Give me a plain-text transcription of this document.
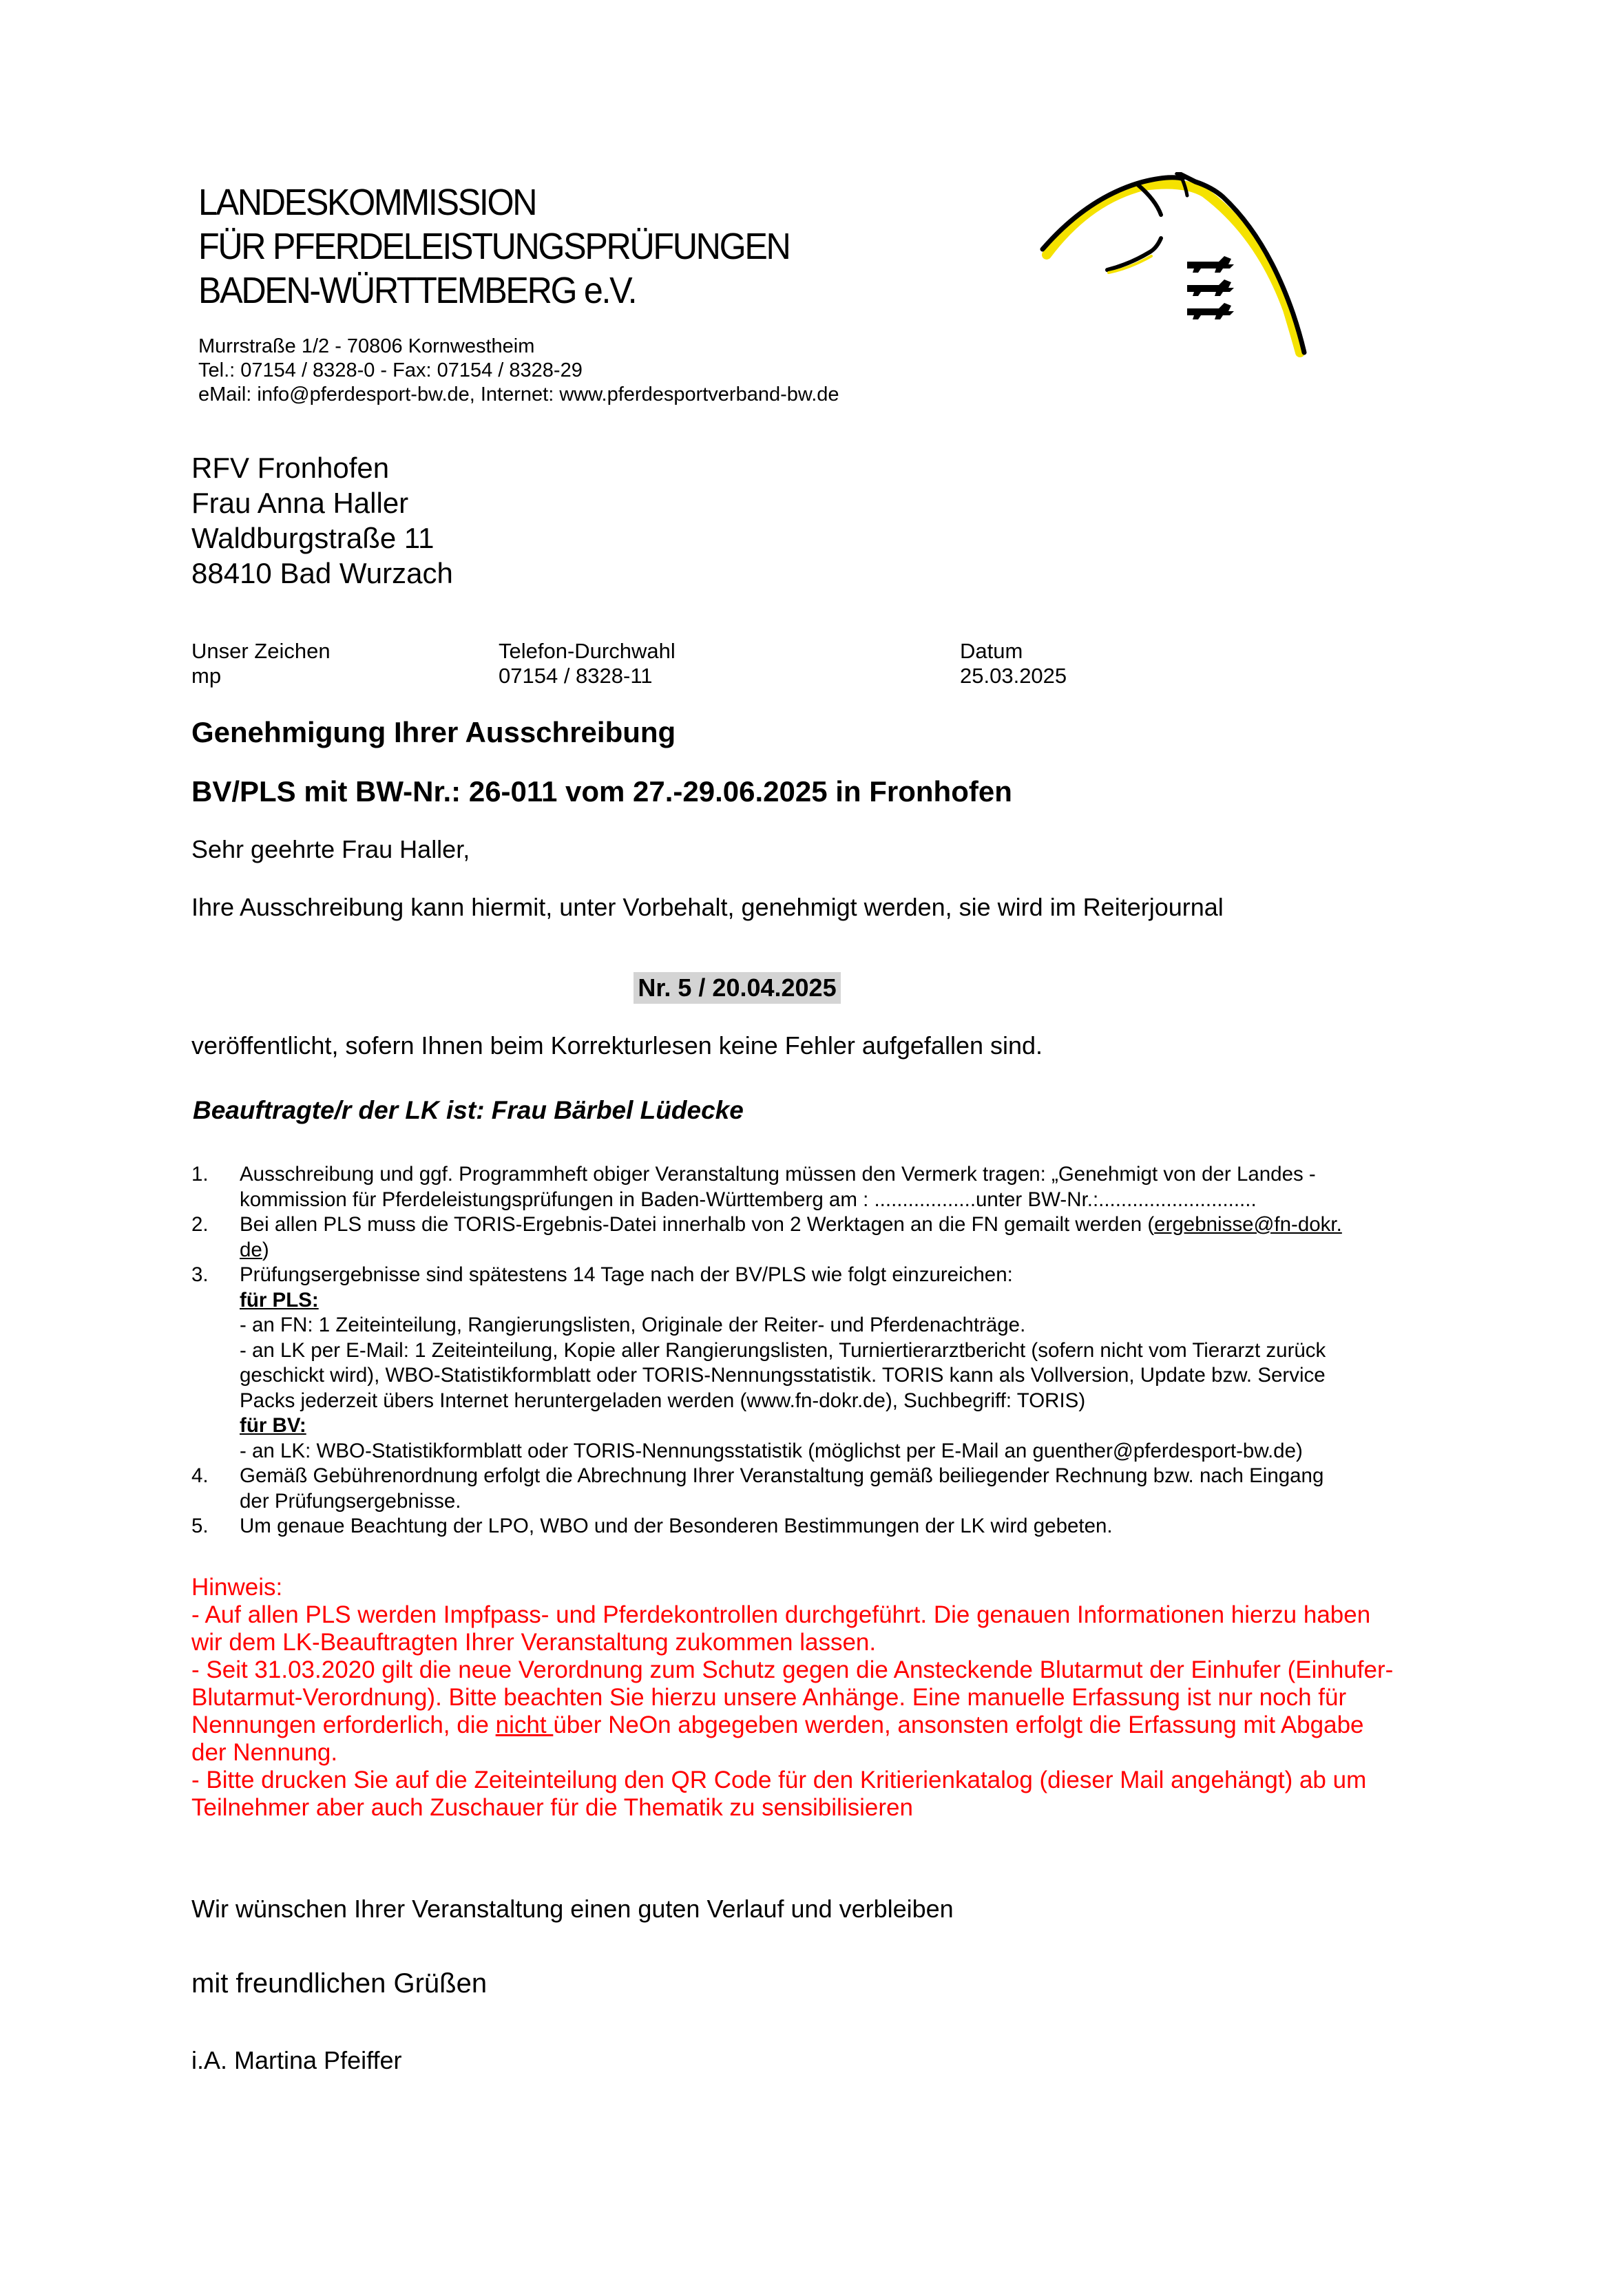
LANDESKOMMISSION
FÜR PFERDELEISTUNGSPRÜFUNGEN
BADEN-WÜRTTEMBERG e.V.
Murrstraße 1/2 - 70806 Kornwestheim
Tel.: 07154 / 8328-0 - Fax: 07154 / 8328-29
eMail: info@pferdesport-bw.de, Internet: www.pferdesportverband-bw.de
RFV Fronhofen
Frau Anna Haller
Waldburgstraße 11
88410 Bad Wurzach
Unser Zeichen
mp
Telefon-Durchwahl
07154 / 8328-11
Datum
25.03.2025
Genehmigung Ihrer Ausschreibung
BV/PLS mit BW-Nr.: 26-011 vom 27.-29.06.2025 in Fronhofen
Sehr geehrte Frau Haller,
Ihre Ausschreibung kann hiermit, unter Vorbehalt, genehmigt werden, sie wird im Reiterjournal
Nr. 5 / 20.04.2025
veröffentlicht, sofern Ihnen beim Korrekturlesen keine Fehler aufgefallen sind.
Beauftragte/r der LK ist: Frau Bärbel Lüdecke
1. Ausschreibung und ggf. Programmheft obiger Veranstaltung müssen den Vermerk tragen: „Genehmigt von der Landes -
kommission für Pferdeleistungsprüfungen in Baden-Württemberg am : ..................unter BW-Nr.:............................
2. Bei allen PLS muss die TORIS-Ergebnis-Datei innerhalb von 2 Werktagen an die FN gemailt werden (ergebnisse@fn-dokr.
de)
3. Prüfungsergebnisse sind spätestens 14 Tage nach der BV/PLS wie folgt einzureichen:
für PLS:
- an FN: 1 Zeiteinteilung, Rangierungslisten, Originale der Reiter- und Pferdenachträge.
- an LK per E-Mail: 1 Zeiteinteilung, Kopie aller Rangierungslisten, Turniertierarztbericht (sofern nicht vom Tierarzt zurück
geschickt wird), WBO-Statistikformblatt oder TORIS-Nennungsstatistik. TORIS kann als Vollversion, Update bzw. Service
Packs jederzeit übers Internet heruntergeladen werden (www.fn-dokr.de), Suchbegriff: TORIS)
für BV:
- an LK: WBO-Statistikformblatt oder TORIS-Nennungsstatistik (möglichst per E-Mail an guenther@pferdesport-bw.de)
4. Gemäß Gebührenordnung erfolgt die Abrechnung Ihrer Veranstaltung gemäß beiliegender Rechnung bzw. nach Eingang
der Prüfungsergebnisse.
5. Um genaue Beachtung der LPO, WBO und der Besonderen Bestimmungen der LK wird gebeten.
Hinweis:
- Auf allen PLS werden Impfpass- und Pferdekontrollen durchgeführt. Die genauen Informationen hierzu haben
wir dem LK-Beauftragten Ihrer Veranstaltung zukommen lassen.
- Seit 31.03.2020 gilt die neue Verordnung zum Schutz gegen die Ansteckende Blutarmut der Einhufer (Einhufer-
Blutarmut-Verordnung). Bitte beachten Sie hierzu unsere Anhänge. Eine manuelle Erfassung ist nur noch für
Nennungen erforderlich, die nicht über NeOn abgegeben werden, ansonsten erfolgt die Erfassung mit Abgabe
der Nennung.
- Bitte drucken Sie auf die Zeiteinteilung den QR Code für den Kritierienkatalog (dieser Mail angehängt) ab um
Teilnehmer aber auch Zuschauer für die Thematik zu sensibilisieren
Wir wünschen Ihrer Veranstaltung einen guten Verlauf und verbleiben
mit freundlichen Grüßen
i.A. Martina Pfeiffer
